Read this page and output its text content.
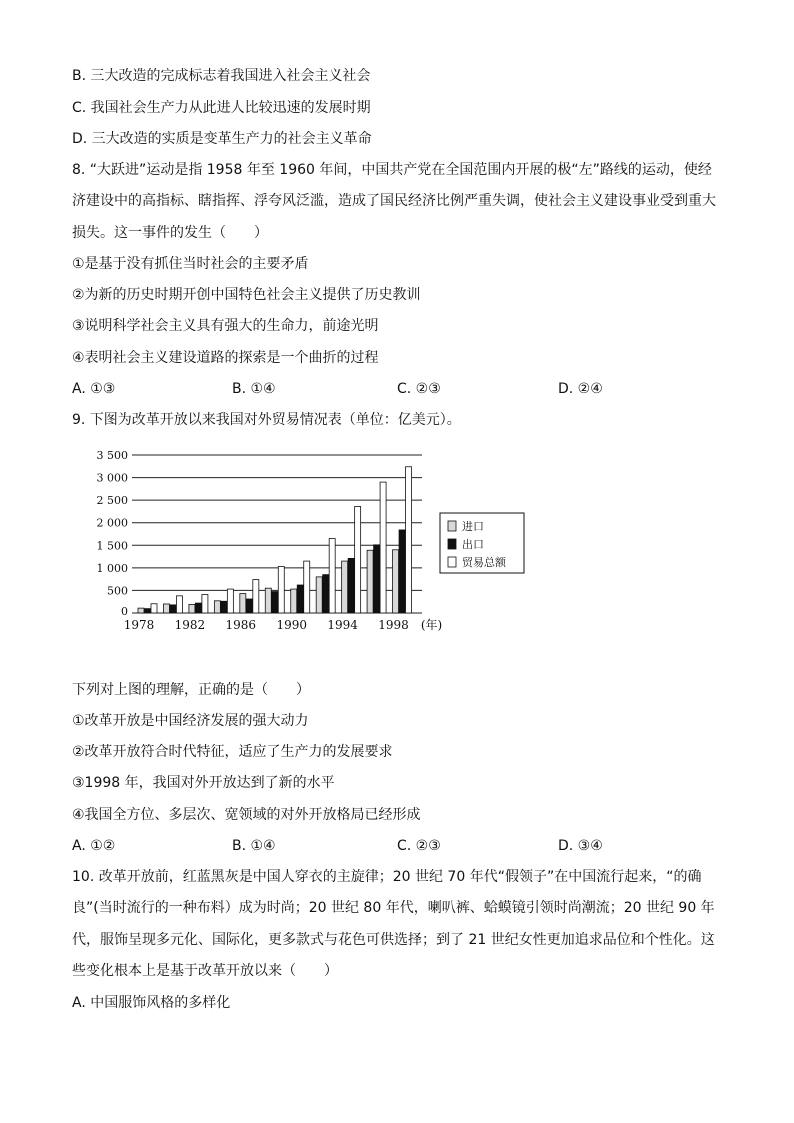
B. 三大改造的完成标志着我国进入社会主义社会
C. 我国社会生产力从此进人比较迅速的发展时期
D. 三大改造的实质是变革生产力的社会主义革命
8. “大跃进”运动是指 1958 年至 1960 年间，中国共产党在全国范围内开展的极“左”路线的运动，使经
济建设中的高指标、瞎指挥、浮夸风泛滥，造成了国民经济比例严重失调，使社会主义建设事业受到重大
损失。这一事件的发生（　　）
①是基于没有抓住当时社会的主要矛盾
②为新的历史时期开创中国特色社会主义提供了历史教训
③说明科学社会主义具有强大的生命力，前途光明
④表明社会主义建设道路的探索是一个曲折的过程
A. ①③	B. ①④	C. ②③	D. ②④
9. 下图为改革开放以来我国对外贸易情况表（单位：亿美元）。
3 500
3 000
2 500
2 000
1 500
1 000
500
0
1978 1982 1986 1990 1994 1998 (年)
进口
出口
贸易总额
下列对上图的理解，正确的是（　　）
①改革开放是中国经济发展的强大动力
②改革开放符合时代特征，适应了生产力的发展要求
③1998 年，我国对外开放达到了新的水平
④我国全方位、多层次、宽领域的对外开放格局已经形成
A. ①②	B. ①④	C. ②③	D. ③④
10. 改革开放前，红蓝黑灰是中国人穿衣的主旋律；20 世纪 70 年代“假领子”在中国流行起来，“的确
良”(当时流行的一种布料）成为时尚；20 世纪 80 年代，喇叭裤、蛤蟆镜引领时尚潮流；20 世纪 90 年
代，服饰呈现多元化、国际化，更多款式与花色可供选择；到了 21 世纪女性更加追求品位和个性化。这
些变化根本上是基于改革开放以来（　　）
A. 中国服饰风格的多样化
